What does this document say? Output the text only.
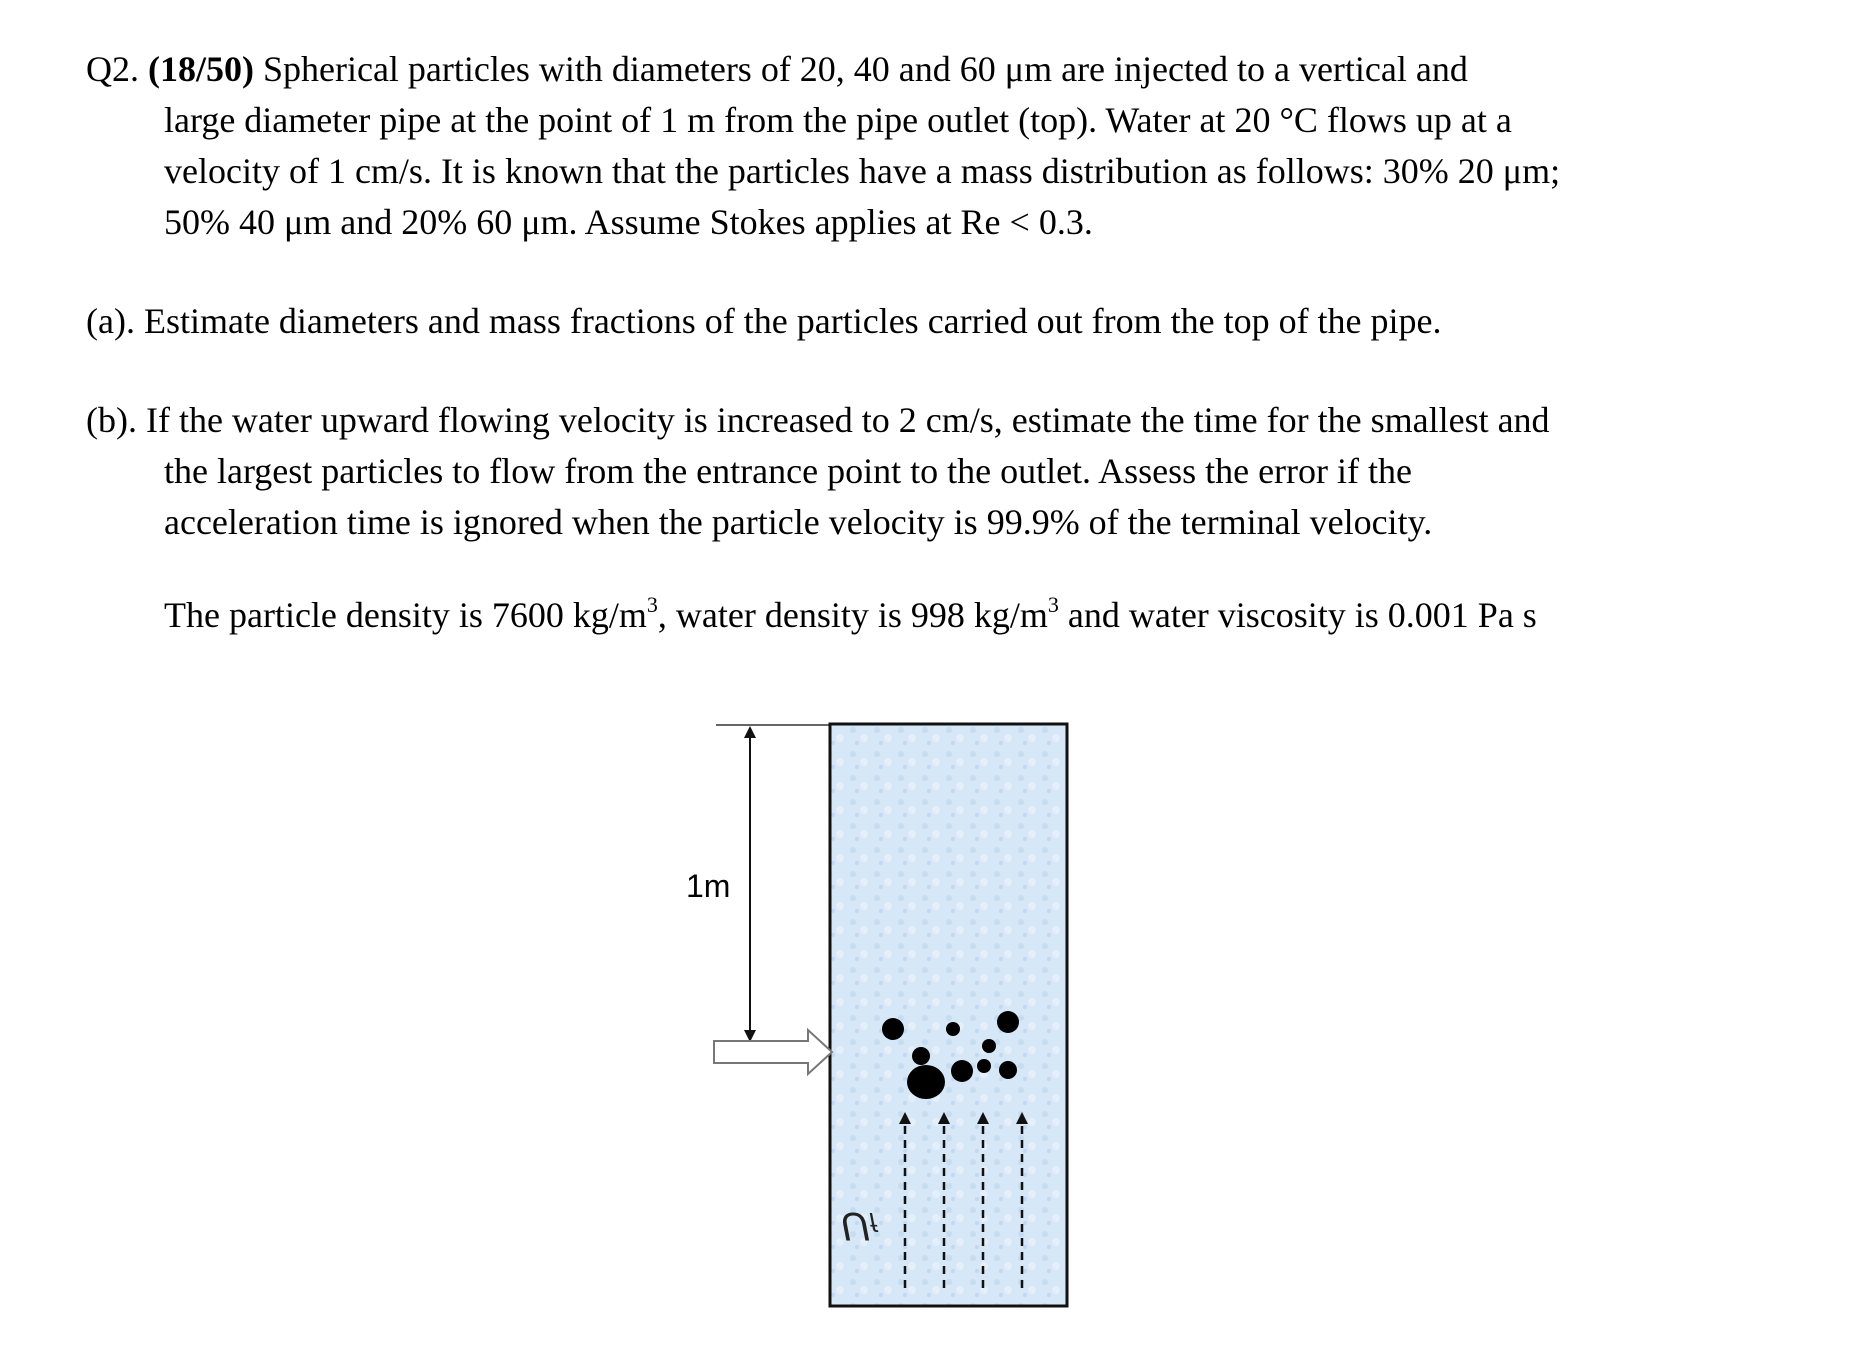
Q2. (18/50) Spherical particles with diameters of 20, 40 and 60 μm are injected to a vertical and
large diameter pipe at the point of 1 m from the pipe outlet (top). Water at 20 °C flows up at a
velocity of 1 cm/s. It is known that the particles have a mass distribution as follows: 30% 20 μm;
50% 40 μm and 20% 60 μm. Assume Stokes applies at Re < 0.3.
(a). Estimate diameters and mass fractions of the particles carried out from the top of the pipe.
(b). If the water upward flowing velocity is increased to 2 cm/s, estimate the time for the smallest and
the largest particles to flow from the entrance point to the outlet. Assess the error if the
acceleration time is ignored when the particle velocity is 99.9% of the terminal velocity.
The particle density is 7600 $kg/m^3$, water density is 998 $kg/m^3$ and water viscosity is 0.001 Pa s
1m
Uf
